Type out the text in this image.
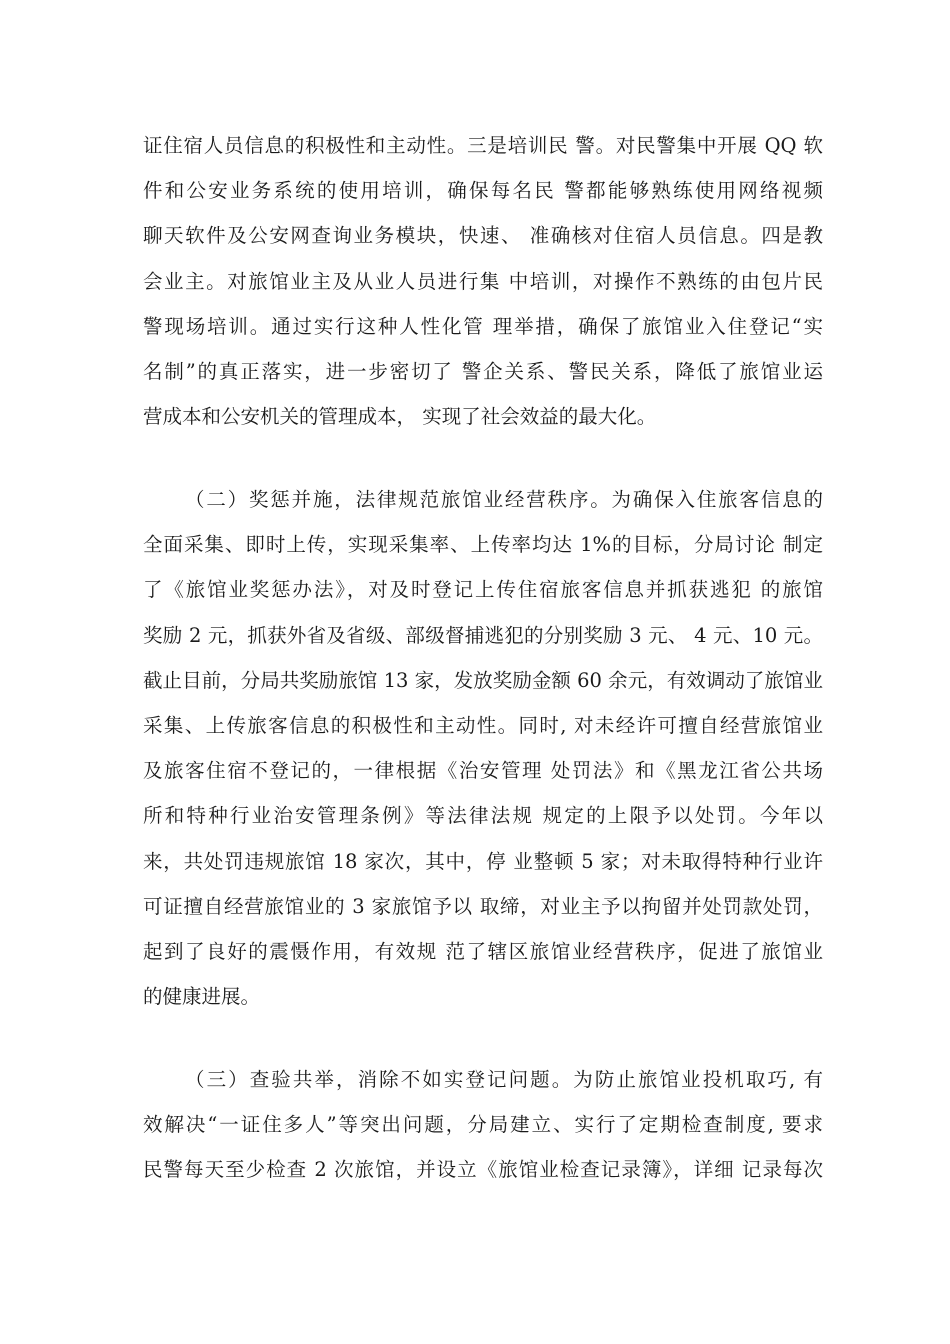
证住宿人员信息的积极性和主动性。三是培训民 警。对民警集中开展 QQ 软
件和公安业务系统的使用培训，确保每名民 警都能够熟练使用网络视频
聊天软件及公安网查询业务模块，快速、 准确核对住宿人员信息。四是教
会业主。对旅馆业主及从业人员进行集 中培训，对操作不熟练的由包片民
警现场培训。通过实行这种人性化管 理举措，确保了旅馆业入住登记“实
名制”的真正落实，进一步密切了 警企关系、警民关系，降低了旅馆业运
营成本和公安机关的管理成本， 实现了社会效益的最大化。
（二）奖惩并施，法律规范旅馆业经营秩序。为确保入住旅客信息的
全面采集、即时上传，实现采集率、上传率均达 1%的目标，分局讨论 制定
了《旅馆业奖惩办法》，对及时登记上传住宿旅客信息并抓获逃犯 的旅馆
奖励 2 元，抓获外省及省级、部级督捕逃犯的分别奖励 3 元、 4 元、10 元。
截止目前，分局共奖励旅馆 13 家，发放奖励金额 60 余元，有效调动了旅馆业
采集、上传旅客信息的积极性和主动性。同时, 对未经许可擅自经营旅馆业
及旅客住宿不登记的，一律根据《治安管理 处罚法》和《黑龙江省公共场
所和特种行业治安管理条例》等法律法规 规定的上限予以处罚。今年以
来，共处罚违规旅馆 18 家次，其中，停 业整顿 5 家；对未取得特种行业许
可证擅自经营旅馆业的 3 家旅馆予以 取缔，对业主予以拘留并处罚款处罚，
起到了良好的震慑作用，有效规 范了辖区旅馆业经营秩序，促进了旅馆业
的健康进展。
（三）查验共举，消除不如实登记问题。为防止旅馆业投机取巧, 有
效解决“一证住多人”等突出问题，分局建立、实行了定期检查制度, 要求
民警每天至少检查 2 次旅馆，并设立《旅馆业检查记录簿》，详细 记录每次
